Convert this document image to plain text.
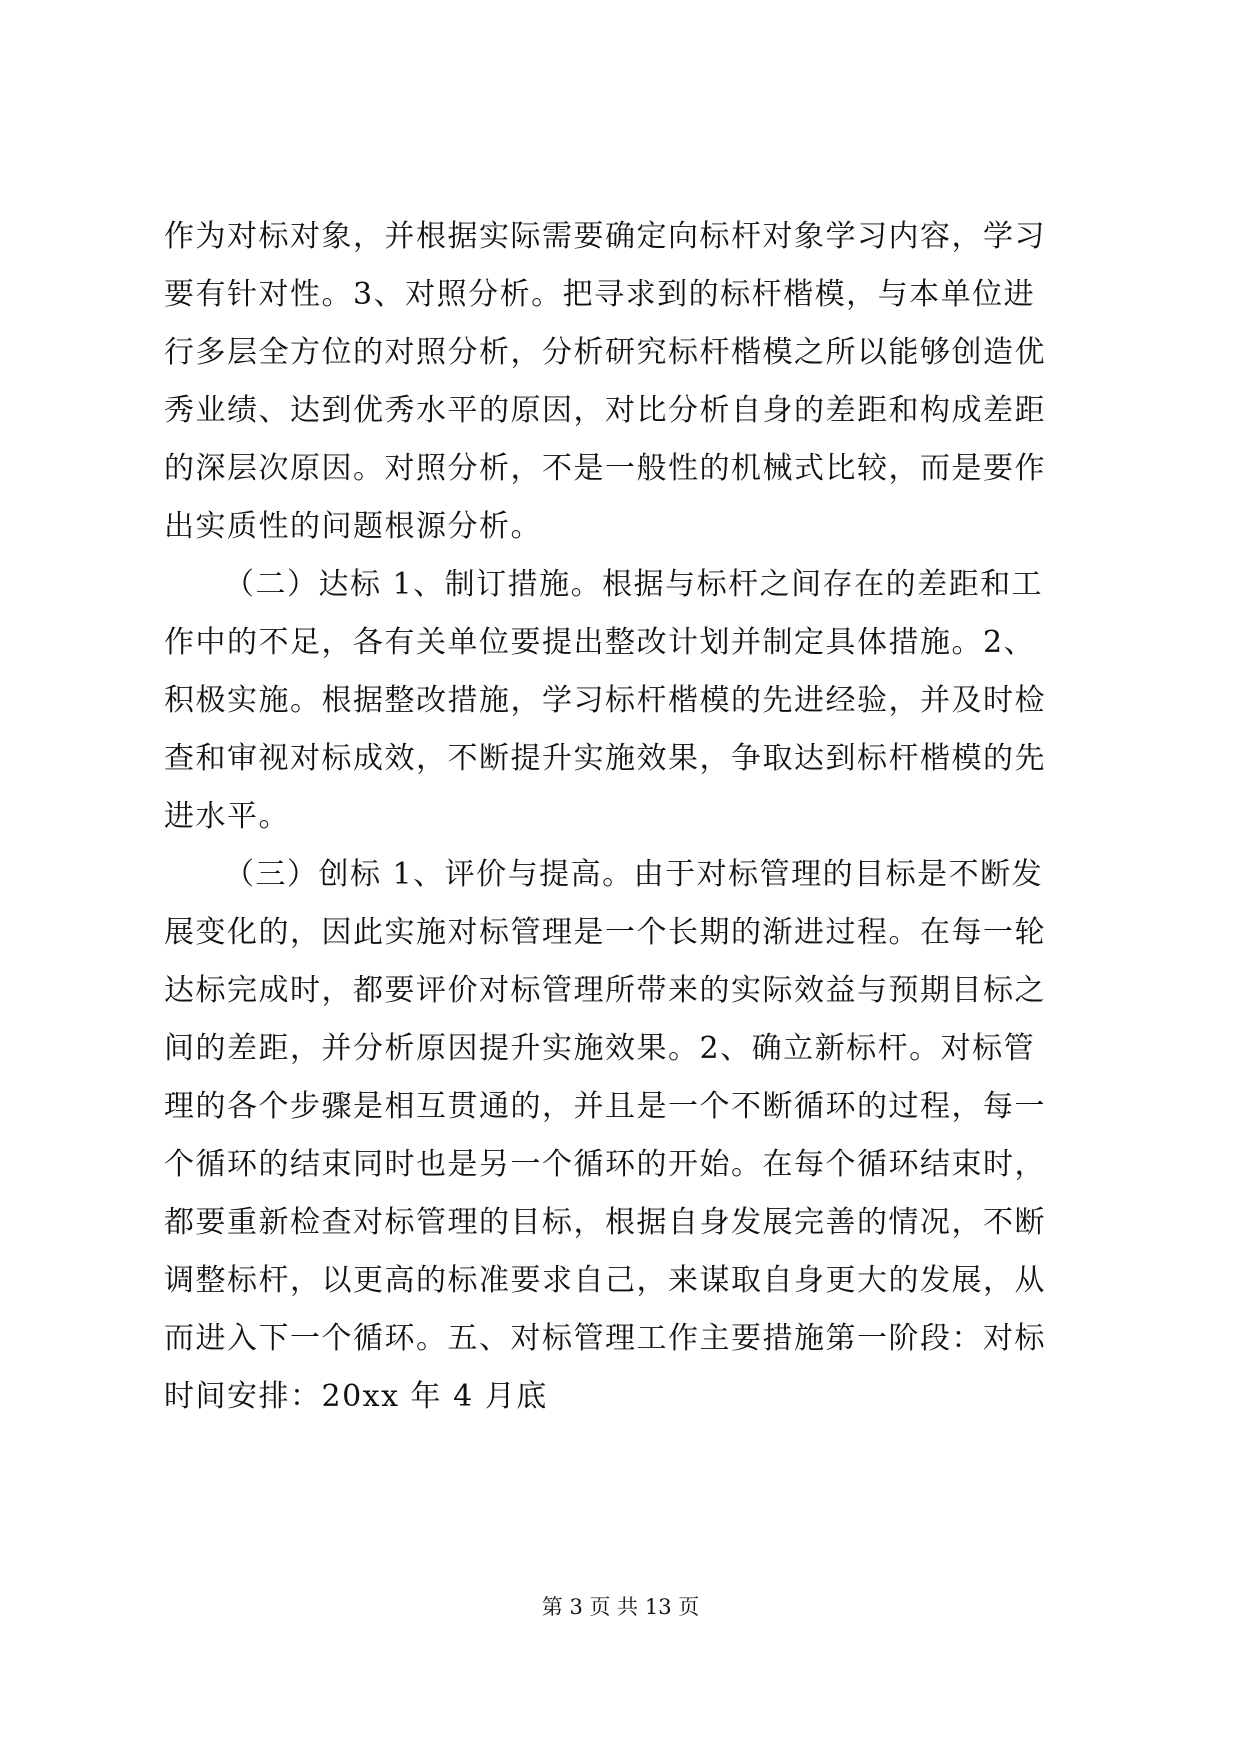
作为对标对象，并根据实际需要确定向标杆对象学习内容，学习
要有针对性。3、对照分析。把寻求到的标杆楷模，与本单位进
行多层全方位的对照分析，分析研究标杆楷模之所以能够创造优
秀业绩、达到优秀水平的原因，对比分析自身的差距和构成差距
的深层次原因。对照分析，不是一般性的机械式比较，而是要作
出实质性的问题根源分析。
（二）达标 1、制订措施。根据与标杆之间存在的差距和工
作中的不足，各有关单位要提出整改计划并制定具体措施。2、
积极实施。根据整改措施，学习标杆楷模的先进经验，并及时检
查和审视对标成效，不断提升实施效果，争取达到标杆楷模的先
进水平。
（三）创标 1、评价与提高。由于对标管理的目标是不断发
展变化的，因此实施对标管理是一个长期的渐进过程。在每一轮
达标完成时，都要评价对标管理所带来的实际效益与预期目标之
间的差距，并分析原因提升实施效果。2、确立新标杆。对标管
理的各个步骤是相互贯通的，并且是一个不断循环的过程，每一
个循环的结束同时也是另一个循环的开始。在每个循环结束时，
都要重新检查对标管理的目标，根据自身发展完善的情况，不断
调整标杆，以更高的标准要求自己，来谋取自身更大的发展，从
而进入下一个循环。五、对标管理工作主要措施第一阶段：对标
时间安排：20xx 年 4 月底
第 3 页 共 13 页
